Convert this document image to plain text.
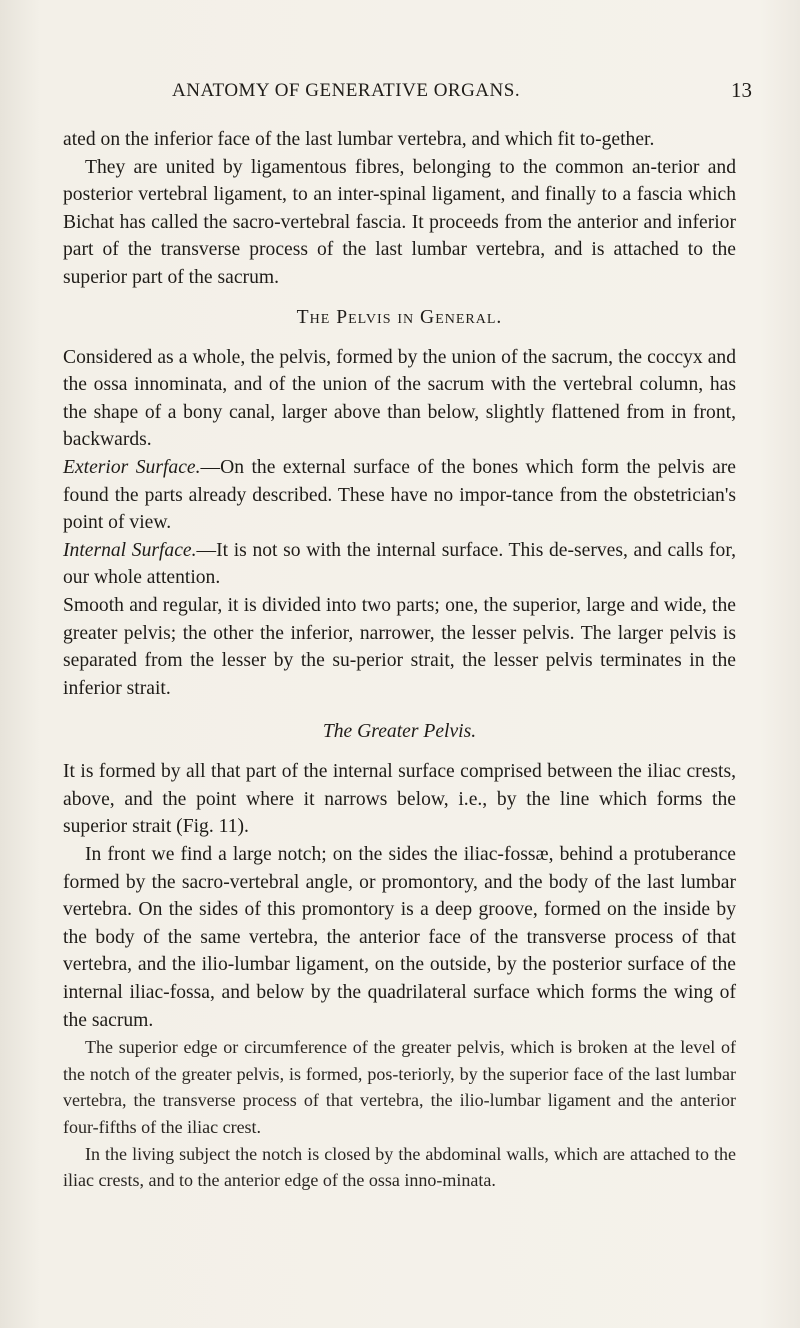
ANATOMY OF GENERATIVE ORGANS.	13

ated on the inferior face of the last lumbar vertebra, and which fit to-gether.

They are united by ligamentous fibres, belonging to the common an-terior and posterior vertebral ligament, to an inter-spinal ligament, and finally to a fascia which Bichat has called the sacro-vertebral fascia. It proceeds from the anterior and inferior part of the transverse process of the last lumbar vertebra, and is attached to the superior part of the sacrum.

The Pelvis in General.

Considered as a whole, the pelvis, formed by the union of the sacrum, the coccyx and the ossa innominata, and of the union of the sacrum with the vertebral column, has the shape of a bony canal, larger above than below, slightly flattened from in front, backwards.

Exterior Surface.—On the external surface of the bones which form the pelvis are found the parts already described. These have no impor-tance from the obstetrician's point of view.

Internal Surface.—It is not so with the internal surface. This de-serves, and calls for, our whole attention.

Smooth and regular, it is divided into two parts; one, the superior, large and wide, the greater pelvis; the other the inferior, narrower, the lesser pelvis. The larger pelvis is separated from the lesser by the su-perior strait, the lesser pelvis terminates in the inferior strait.

The Greater Pelvis.

It is formed by all that part of the internal surface comprised between the iliac crests, above, and the point where it narrows below, i.e., by the line which forms the superior strait (Fig. 11).

In front we find a large notch; on the sides the iliac-fossæ, behind a protuberance formed by the sacro-vertebral angle, or promontory, and the body of the last lumbar vertebra. On the sides of this promontory is a deep groove, formed on the inside by the body of the same vertebra, the anterior face of the transverse process of that vertebra, and the ilio-lumbar ligament, on the outside, by the posterior surface of the internal iliac-fossa, and below by the quadrilateral surface which forms the wing of the sacrum.

The superior edge or circumference of the greater pelvis, which is broken at the level of the notch of the greater pelvis, is formed, pos-teriorly, by the superior face of the last lumbar vertebra, the transverse process of that vertebra, the ilio-lumbar ligament and the anterior four-fifths of the iliac crest.

In the living subject the notch is closed by the abdominal walls, which are attached to the iliac crests, and to the anterior edge of the ossa inno-minata.
